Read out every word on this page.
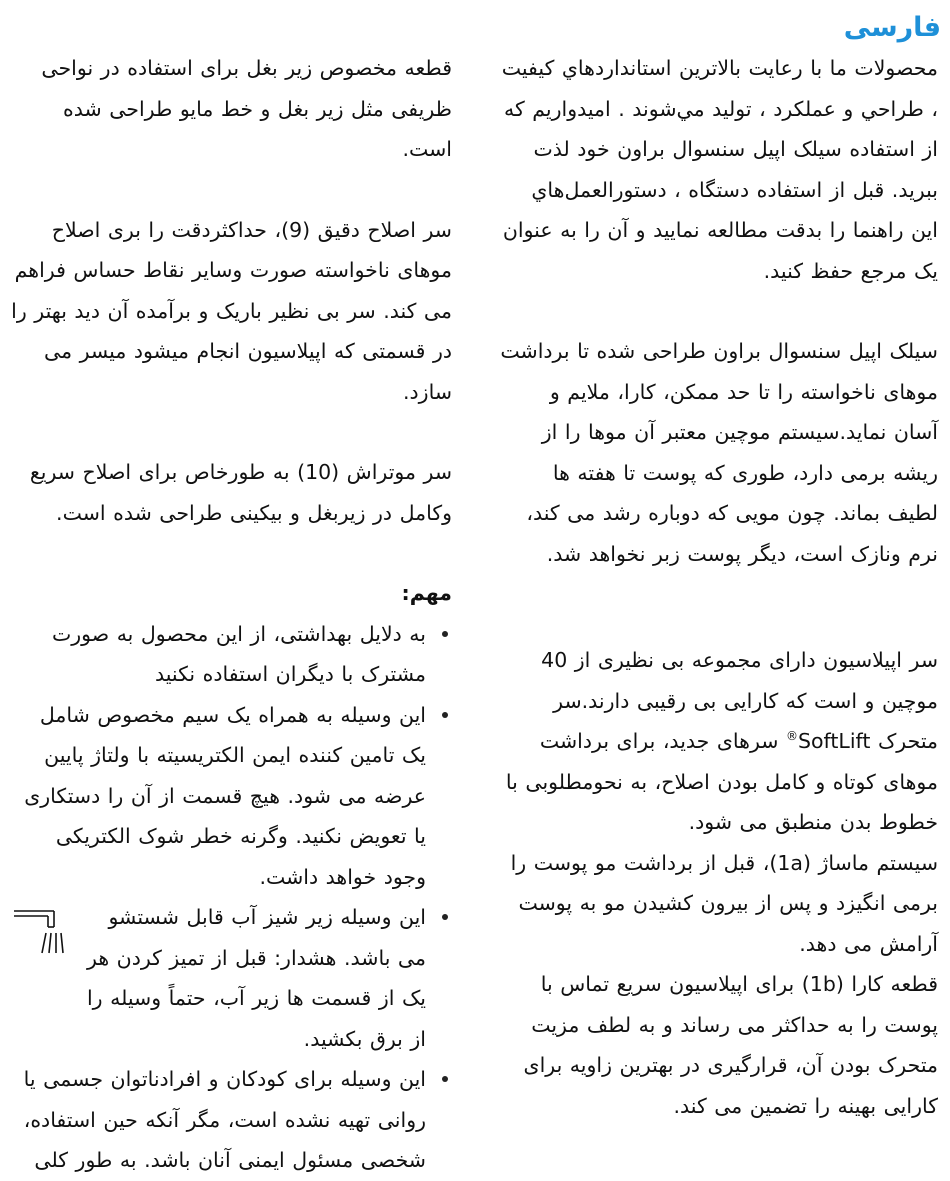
فارسی

محصولات ما با رعایت بالاترین استانداردهاي كيفيت ، طراحي و عملكرد ، توليد مي‌شوند . اميدواريم كه از استفاده سیلک اپیل سنسوال براون خود لذت ببريد. قبل از استفاده دستگاه ، دستورالعمل‌هاي اين راهنما را بدقت مطالعه نماييد و آن را به عنوان یک مرجع حفظ کنید.

سیلک اپیل سنسوال براون طراحی شده تا برداشت موهای ناخواسته را تا حد ممکن، کارا، ملایم و آسان نماید.سیستم موچین معتبر آن موها را از ریشه برمی دارد، طوری که پوست تا هفته ها لطیف بماند. چون مویی که دوباره رشد می کند، نرم ونازک است، دیگر پوست زبر نخواهد شد.

سر اپیلاسیون دارای مجموعه بی نظیری از 40 موچین و است که کارایی بی رقیبی دارند.سر متحرک SoftLift® سرهای جدید، برای برداشت موهای کوتاه و کامل بودن اصلاح، به نحومطلوبی با خطوط بدن منطبق می شود.

سیستم ماساژ (1a)، قبل از برداشت مو پوست را برمی انگیزد و پس از بیرون کشیدن مو به پوست آرامش می دهد.

قطعه کارا (1b) برای اپیلاسیون سریع تماس با پوست را به حداکثر می رساند و به لطف مزیت متحرک بودن آن، قرارگیری در بهترین زاویه برای کارایی بهینه را تضمین می کند.

قطعه مخصوص زیر بغل برای استفاده در نواحی ظریفی مثل زیر بغل و خط مایو طراحی شده است.

سر اصلاح دقیق (9)، حداکثردقت را بری اصلاح موهای ناخواسته صورت وسایر نقاط حساس فراهم می کند. سر بی نظیر باریک و برآمده آن دید بهتر را در قسمتی که اپیلاسیون انجام میشود میسر می سازد.

سر موتراش (10) به طورخاص برای اصلاح سریع وکامل در زیربغل و بیکینی طراحی شده است.

مهم:

به دلایل بهداشتی، از این محصول به صورت مشترک با دیگران استفاده نکنید
این وسیله به همراه یک سیم مخصوص شامل یک تامین کننده ایمن الکتریسیته با ولتاژ پایین عرضه می شود. هیچ قسمت از آن را دستکاری یا تعویض نکنید. وگرنه خطر شوک الکتریکی وجود خواهد داشت.
این وسیله زیر شیز آب قابل شستشو می باشد. هشدار: قبل از تمیز کردن هر یک از قسمت ها زیر آب، حتماً وسیله را از برق بکشید.
این وسیله برای کودکان و افرادناتوان جسمی یا روانی تهیه نشده است، مگر آنکه حین استفاده، شخصی مسئول ایمنی آنان باشد. به طور کلی
